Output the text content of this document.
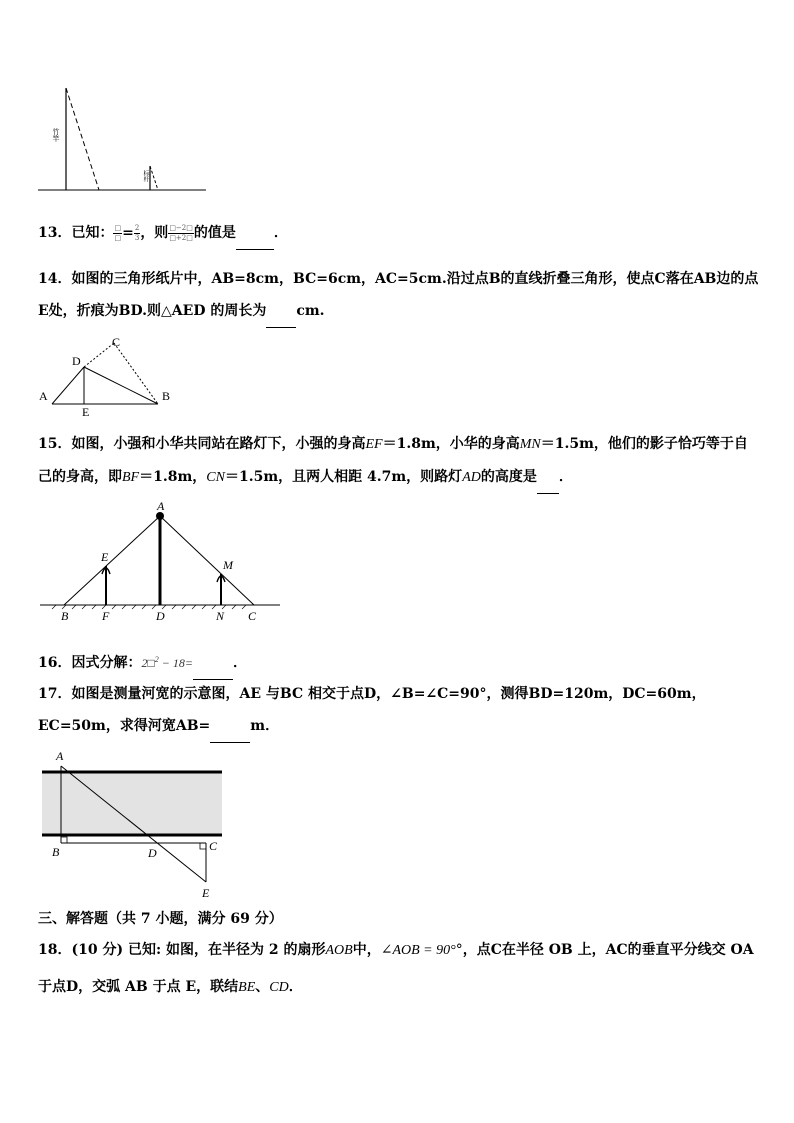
竹竿
标杆
13．已知： $\frac{□}{□} = \frac{2}{3}$ ，则 $\frac{□-2□}{□+2□}$ 的值是	．
14．如图的三角形纸片中，AB=8cm，BC=6cm，AC=5cm.沿过点B的直线折叠三角形，使点C落在AB边的点E处，折痕为BD.则△AED 的周长为 cm.
A	B
C
D
E
15．如图，小强和小华共同站在路灯下，小强的身高EF＝1.8m，小华的身高MN＝1.5m，他们的影子恰巧等于自己的身高，即BF＝1.8m，CN＝1.5m，且两人相距 4.7m，则路灯AD的高度是 ．
A
E
M
B	F	D	N C
16．因式分解：2□$^2$ − 18=	．
17．如图是测量河宽的示意图，AE 与BC 相交于点D，∠B=∠C=90°，测得BD=120m，DC=60m，EC=50m，求得河宽AB=	m．
A
B	D	C
E
三、解答题（共 7 小题，满分 69 分）
18．(10 分) 已知: 如图，在半径为 2 的扇形AOB中，∠AOB = 90°°，点C在半径 OB 上，AC的垂直平分线交 OA 于点D，交弧 AB 于点 E，联结BE、CD．
